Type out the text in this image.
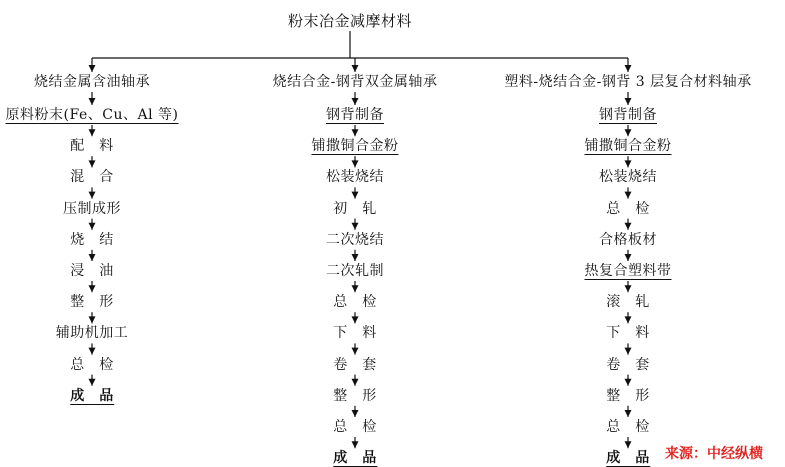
粉末冶金减摩材料
烧结金属含油轴承	烧结合金-钢背双金属轴承	塑料-烧结合金-钢背 3 层复合材料轴承
原料粉末(Fe、Cu、Al 等)
配　料
混　合
压制成形
烧　结
浸　油
整　形
辅助机加工
总　检
成　品
钢背制备
铺撒铜合金粉
松装烧结
初　轧
二次烧结
二次轧制
总　检
下　料
卷　套
整　形
总　检
成　品
钢背制备
铺撒铜合金粉
松装烧结
总　检
合格板材
热复合塑料带
滚　轧
下　料
卷　套
整　形
总　检
成　品 来源：中经纵横
